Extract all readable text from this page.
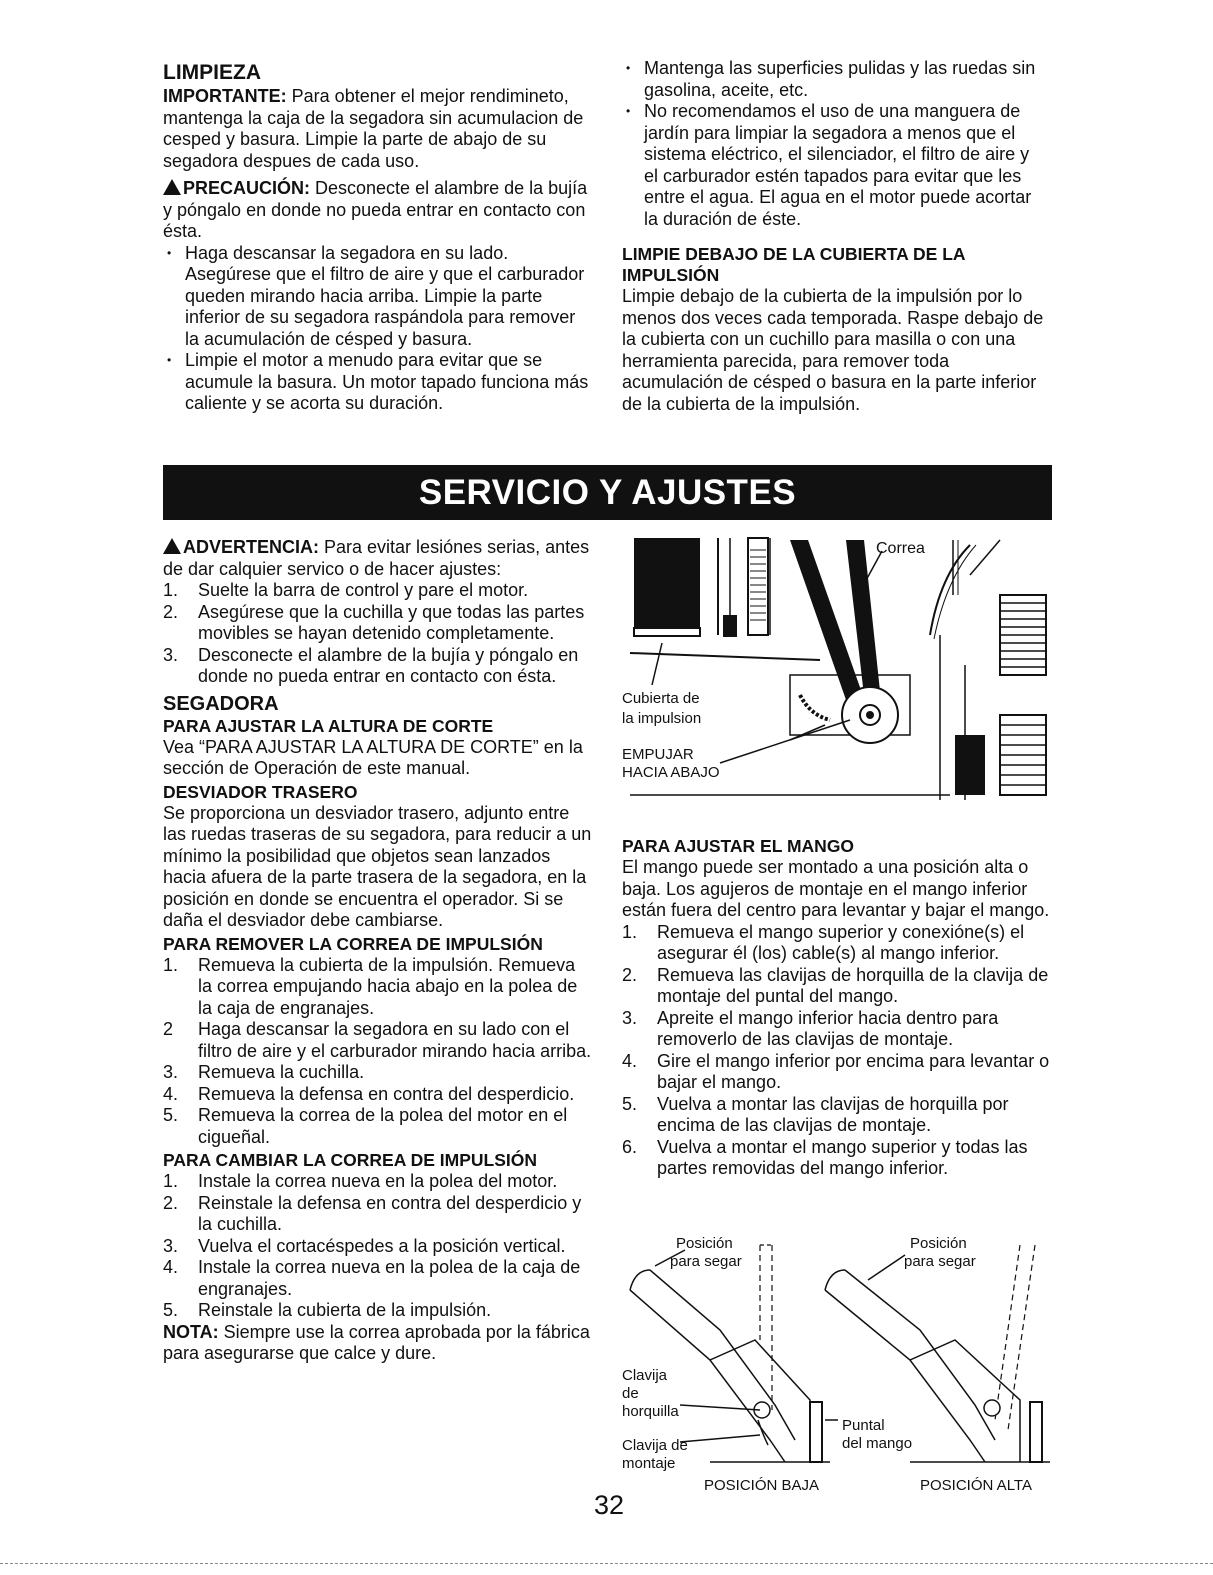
LIMPIEZA

IMPORTANTE: Para obtener el mejor rendimineto, mantenga la caja de la segadora sin acumulacion de cesped y basura. Limpie la parte de abajo de su segadora despues de cada uso.

PRECAUCIÓN: Desconecte el alambre de la bujía y póngalo en donde no pueda entrar en contacto con ésta.

• Haga descansar la segadora en su lado. Asegúrese que el filtro de aire y que el carburador queden mirando hacia arriba. Limpie la parte inferior de su segadora raspándola para remover la acumulación de césped y basura.
• Limpie el motor a menudo para evitar que se acumule la basura. Un motor tapado funciona más caliente y se acorta su duración.
• Mantenga las superficies pulidas y las ruedas sin gasolina, aceite, etc.
• No recomendamos el uso de una manguera de jardín para limpiar la segadora a menos que el sistema eléctrico, el silenciador, el filtro de aire y el carburador estén tapados para evitar que les entre el agua. El agua en el motor puede acortar la duración de éste.
LIMPIE DEBAJO DE LA CUBIERTA DE LA IMPULSIÓN

Limpie debajo de la cubierta de la impulsión por lo menos dos veces cada temporada. Raspe debajo de la cubierta con un cuchillo para masilla o con una herramienta parecida, para remover toda acumulación de césped o basura en la parte inferior de la cubierta de la impulsión.

SERVICIO Y AJUSTES

ADVERTENCIA: Para evitar lesiónes serias, antes de dar calquier servico o de hacer ajustes:

1. Suelte la barra de control y pare el motor.
2. Asegúrese que la cuchilla y que todas las partes movibles se hayan detenido completamente.
3. Desconecte el alambre de la bujía y póngalo en donde no pueda entrar en contacto con ésta.
SEGADORA
PARA AJUSTAR LA ALTURA DE CORTE

Vea “PARA AJUSTAR LA ALTURA DE CORTE” en la sección de Operación de este manual.

DESVIADOR TRASERO

Se proporciona un desviador trasero, adjunto entre las ruedas traseras de su segadora, para reducir a un mínimo la posibilidad que objetos sean lanzados hacia afuera de la parte trasera de la segadora, en la posición en donde se encuentra el operador. Si se daña el desviador debe cambiarse.

PARA REMOVER LA CORREA DE IMPULSIÓN
1. Remueva la cubierta de la impulsión. Remueva la correa empujando hacia abajo en la polea de la caja de engranajes.
2 Haga descansar la segadora en su lado con el filtro de aire y el carburador mirando hacia arriba.
3. Remueva la cuchilla.
4. Remueva la defensa en contra del desperdicio.
5. Remueva la correa de la polea del motor en el cigueñal.
PARA CAMBIAR LA CORREA DE IMPULSIÓN
1. Instale la correa nueva en la polea del motor.
2. Reinstale la defensa en contra del desperdicio y la cuchilla.
3. Vuelva el cortacéspedes a la posición vertical.
4. Instale la correa nueva en la polea de la caja de engranajes.
5. Reinstale la cubierta de la impulsión.

NOTA: Siempre use la correa aprobada por la fábrica para asegurarse que calce y dure.

Correa
Cubierta de
la impulsion
EMPUJAR
HACIA ABAJO
PARA AJUSTAR EL MANGO

El mango puede ser montado a una posición alta o baja. Los agujeros de montaje en el mango inferior están fuera del centro para levantar y bajar el mango.

1. Remueva el mango superior y conexióne(s) el asegurar él (los) cable(s) al mango inferior.
2. Remueva las clavijas de horquilla de la clavija de montaje del puntal del mango.
3. Apreite el mango inferior hacia dentro para removerlo de las clavijas de montaje.
4. Gire el mango inferior por encima para levantar o bajar el mango.
5. Vuelva a montar las clavijas de horquilla por encima de las clavijas de montaje.
6. Vuelva a montar el mango superior y todas las partes removidas del mango inferior.
Posición
para segar
Posición
para segar
Clavija
de
horquilla
Clavija de
montaje
Puntal
del mango
POSICIÓN BAJA	POSICIÓN ALTA
32
